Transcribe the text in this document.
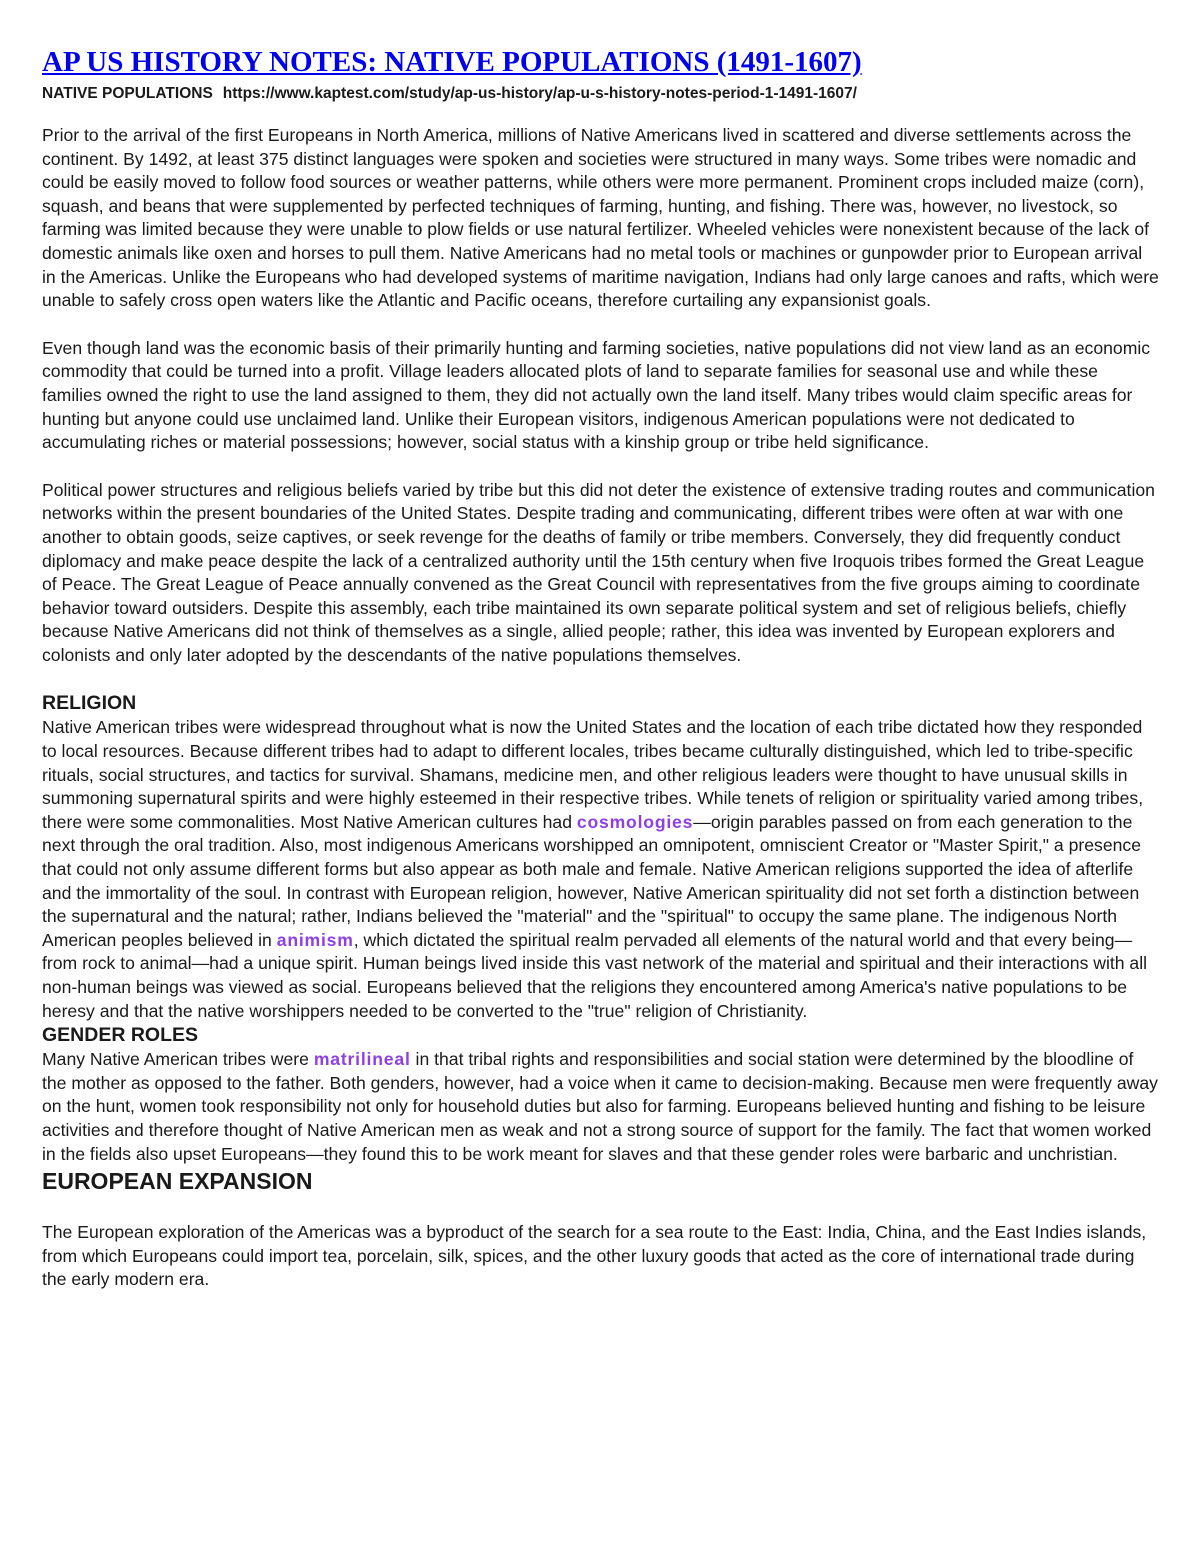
AP US HISTORY NOTES: NATIVE POPULATIONS (1491-1607)
NATIVE POPULATIONS https://www.kaptest.com/study/ap-us-history/ap-u-s-history-notes-period-1-1491-1607/

Prior to the arrival of the first Europeans in North America, millions of Native Americans lived in scattered and diverse settlements across the continent. By 1492, at least 375 distinct languages were spoken and societies were structured in many ways. Some tribes were nomadic and could be easily moved to follow food sources or weather patterns, while others were more permanent. Prominent crops included maize (corn), squash, and beans that were supplemented by perfected techniques of farming, hunting, and fishing. There was, however, no livestock, so farming was limited because they were unable to plow fields or use natural fertilizer. Wheeled vehicles were nonexistent because of the lack of domestic animals like oxen and horses to pull them. Native Americans had no metal tools or machines or gunpowder prior to European arrival in the Americas. Unlike the Europeans who had developed systems of maritime navigation, Indians had only large canoes and rafts, which were unable to safely cross open waters like the Atlantic and Pacific oceans, therefore curtailing any expansionist goals.

Even though land was the economic basis of their primarily hunting and farming societies, native populations did not view land as an economic commodity that could be turned into a profit. Village leaders allocated plots of land to separate families for seasonal use and while these families owned the right to use the land assigned to them, they did not actually own the land itself. Many tribes would claim specific areas for hunting but anyone could use unclaimed land. Unlike their European visitors, indigenous American populations were not dedicated to accumulating riches or material possessions; however, social status with a kinship group or tribe held significance.

Political power structures and religious beliefs varied by tribe but this did not deter the existence of extensive trading routes and communication networks within the present boundaries of the United States. Despite trading and communicating, different tribes were often at war with one another to obtain goods, seize captives, or seek revenge for the deaths of family or tribe members. Conversely, they did frequently conduct diplomacy and make peace despite the lack of a centralized authority until the 15th century when five Iroquois tribes formed the Great League of Peace. The Great League of Peace annually convened as the Great Council with representatives from the five groups aiming to coordinate behavior toward outsiders. Despite this assembly, each tribe maintained its own separate political system and set of religious beliefs, chiefly because Native Americans did not think of themselves as a single, allied people; rather, this idea was invented by European explorers and colonists and only later adopted by the descendants of the native populations themselves.

RELIGION

Native American tribes were widespread throughout what is now the United States and the location of each tribe dictated how they responded to local resources. Because different tribes had to adapt to different locales, tribes became culturally distinguished, which led to tribe-specific rituals, social structures, and tactics for survival. Shamans, medicine men, and other religious leaders were thought to have unusual skills in summoning supernatural spirits and were highly esteemed in their respective tribes. While tenets of religion or spirituality varied among tribes, there were some commonalities. Most Native American cultures had cosmologies—origin parables passed on from each generation to the next through the oral tradition. Also, most indigenous Americans worshipped an omnipotent, omniscient Creator or "Master Spirit," a presence that could not only assume different forms but also appear as both male and female. Native American religions supported the idea of afterlife and the immortality of the soul. In contrast with European religion, however, Native American spirituality did not set forth a distinction between the supernatural and the natural; rather, Indians believed the "material" and the "spiritual" to occupy the same plane. The indigenous North American peoples believed in animism, which dictated the spiritual realm pervaded all elements of the natural world and that every being—from rock to animal—had a unique spirit. Human beings lived inside this vast network of the material and spiritual and their interactions with all non-human beings was viewed as social. Europeans believed that the religions they encountered among America's native populations to be heresy and that the native worshippers needed to be converted to the "true" religion of Christianity.

GENDER ROLES

Many Native American tribes were matrilineal in that tribal rights and responsibilities and social station were determined by the bloodline of the mother as opposed to the father. Both genders, however, had a voice when it came to decision-making. Because men were frequently away on the hunt, women took responsibility not only for household duties but also for farming. Europeans believed hunting and fishing to be leisure activities and therefore thought of Native American men as weak and not a strong source of support for the family. The fact that women worked in the fields also upset Europeans—they found this to be work meant for slaves and that these gender roles were barbaric and unchristian.

EUROPEAN EXPANSION

The European exploration of the Americas was a byproduct of the search for a sea route to the East: India, China, and the East Indies islands, from which Europeans could import tea, porcelain, silk, spices, and the other luxury goods that acted as the core of international trade during the early modern era.
